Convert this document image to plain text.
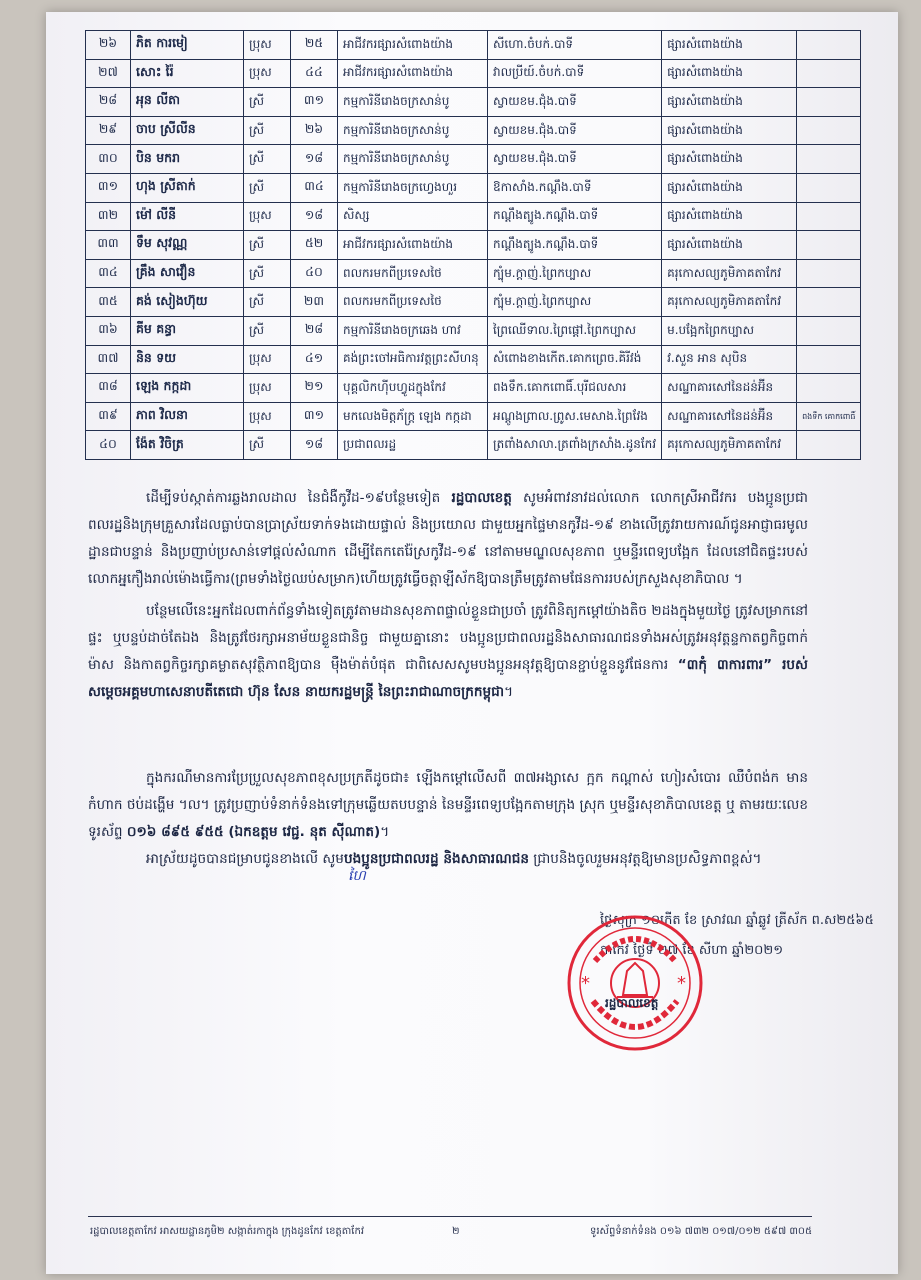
២៦	ភិត ការមៀ	ប្រុស	២៥	អាជីវករផ្សារសំពោងយ៉ាង	សីហោ.ចំបក់.បាទី	ផ្សារសំពោងយ៉ាង	
២៧	សោះ រ៉ៃ	ប្រុស	៤៤	អាជីវករផ្សារសំពោងយ៉ាង	វាលប្រីយ៍.ចំបក់.បាទី	ផ្សារសំពោងយ៉ាង	
២៨	អុន លីតា	ស្រី	៣១	កម្មការិនីរោងចក្រសាន់បូ	ស្វាយខម.ជុំង.បាទី	ផ្សារសំពោងយ៉ាង	
២៩	ចាប ស្រីលីន	ស្រី	២៦	កម្មការិនីរោងចក្រសាន់បូ	ស្វាយខម.ជុំង.បាទី	ផ្សារសំពោងយ៉ាង	
៣០	បិន មករា	ស្រី	១៨	កម្មការិនីរោងចក្រសាន់បូ	ស្វាយខម.ជុំង.បាទី	ផ្សារសំពោងយ៉ាង	
៣១	ហុង ស្រីតាក់	ស្រី	៣៤	កម្មការិនីរោងចក្រហ្វេងហួរ	ឱកាសាំង.កណ្ដឹង.បាទី	ផ្សារសំពោងយ៉ាង	
៣២	ម៉ៅ លីនី	ប្រុស	១៨	សិស្ស	កណ្ដឹងត្បូង.កណ្ដឹង.បាទី	ផ្សារសំពោងយ៉ាង	
៣៣	ទឹម សុវណ្ណ	ស្រី	៥២	អាជីវករផ្សារសំពោងយ៉ាង	កណ្ដឹងត្បូង.កណ្ដឹង.បាទី	ផ្សារសំពោងយ៉ាង	
៣៤	គ្រឹង សាវឿន	ស្រី	៤០	ពលករមកពីប្រទេសថៃ	ក្បុំម.ក្ដាញ់.ព្រៃកប្បាស	គរុកោសល្យភូមិភាគតាកែវ	
៣៥	គង់ សៀងហ៊ុយ	ស្រី	២៣	ពលករមកពីប្រទេសថៃ	ក្បុំម.ក្ដាញ់.ព្រៃកប្បាស	គរុកោសល្យភូមិភាគតាកែវ	
៣៦	គីម គន្ធា	ស្រី	២៨	កម្មការិនីរោងចក្រឆេង ហាវ	ព្រៃឈើទាល.ព្រៃផ្ដៅ.ព្រៃកប្បាស	ម.បង្អែកព្រៃកប្បាស	
៣៧	និន ទយ	ប្រុស	៤១	គង់ព្រះចៅអធិការវត្តព្រះសីហនុ	សំពោងខាងកើត.គោកព្រេច.គិរីវង់	វ.សួន អាន សុបិន	
៣៨	ឡេង កក្កដា	ប្រុស	២១	បុគ្គលិកហ៊ីបហ្វូដក្នុងកែវ	ពងទឹក.គោកពោធិ៍.បុរីជលសារ	សណ្ឋាគារសៅនៃដន់អ៊ីន	
៣៩	ភាព វិលនា	ប្រុស	៣១	មកលេងមិត្តភ័ក្ដ្រ ឡេង កក្កដា	អណ្ដូងព្រាល.ព្រូស.មេសាង.ព្រៃវែង	សណ្ឋាគារសៅនៃដន់អ៊ីន	ពងទឹក គោកពោធិ៍
៤០	ង៉ែត វិចិត្រ	ស្រី	១៨	ប្រជាពលរដ្ឋ	ត្រពាំងសាលា.ត្រពាំងក្រសាំង.ដូនកែវ	គរុកោសល្យភូមិភាគតាកែវ	
ដើម្បីទប់ស្កាត់ការឆ្លងរាលដាល នៃជំងឺកូវីដ-១៩បន្ថែមទៀត រដ្ឋបាលខេត្ត សូមអំពាវនាវដល់លោក លោកស្រីអាជីវករ បងប្អូនប្រជាពលរដ្ឋនិងក្រុមគ្រួសារដែលធ្លាប់បានប្រាស្រ័យទាក់ទងដោយផ្ទាល់ និងប្រយោល ជាមួយអ្នកផ្ទៃមានកូវីដ-១៩ ខាងលើត្រូវរាយការណ៍ជូនអាជ្ញាធរមូលដ្ឋានជាបន្ទាន់ និងប្រញាប់ប្រសាន់ទៅផ្ដល់សំណាក ដើម្បីតែកតេរ៉ែស្រកូវីដ-១៩ នៅតាមមណ្ឌលសុខភាព ឬមន្ទីរពេទ្យបង្អែក ដែលនៅជិតផ្ទះរបស់លោកអ្នកឿងរាល់ម៉ោងធ្វើការ(ព្រមទាំងថ្ងៃឈប់សម្រាក)ហើយត្រូវធ្វើចត្តាឡីស័កឱ្យបានត្រឹមត្រូវតាមផែនការរបស់ក្រសួងសុខាភិបាល ។
បន្ថែមលើនេះអ្នកដែលពាក់ព័ន្ធទាំងទៀតត្រូវតាមដានសុខភាពផ្ទាល់ខ្លួនជាប្រចាំ ត្រូវពិនិត្យកម្ដៅយ៉ាងតិច ២ដងក្នុងមួយថ្ងៃ ត្រូវសម្រាកនៅផ្ទះ ឬបន្ទប់ដាច់តែឯង និងត្រូវថែរក្សាអនាម័យខ្លួនជានិច្ច ជាមួយគ្នានោះ បងប្អូនប្រជាពលរដ្ឋនិងសាធារណជនទាំងអស់ត្រូវអនុវត្តន្ទកាតព្វកិច្ចពាក់ម៉ាស និងកាតព្វកិច្ចរក្សាគម្លាតសុវត្ថិភាពឱ្យបាន ម៉ឺងម៉ាត់បំផុត ជាពិសេសសូមបងប្អូនអនុវត្តឱ្យបានខ្ជាប់ខ្ជួននូវផែនការ “៣កុំ ៣ការពារ” របស់សម្ដេចអគ្គមហាសេនាបតីតេជោ ហ៊ុន សែន នាយករដ្ឋមន្ត្រី នៃព្រះរាជាណាចក្រកម្ពុជា។
ក្នុងករណីមានការប្រែប្រួលសុខភាពខុសប្រក្រតីដូចជា៖ ឡើងកម្ដៅលើសពី ៣៧អង្សាសេ ក្អក កណ្ដាស់ ហៀរសំបោរ ឈឺបំពង់ក មានកំហាក ថប់ដង្ហើម ។ល។ ត្រូវប្រញាប់ទំនាក់ទំនងទៅក្រុមឆ្លើយតបបន្ទាន់ នៃមន្ទីរពេទ្យបង្អែកតាមក្រុង ស្រុក ឬមន្ទីរសុខាភិបាលខេត្ត ឬ តាមរយៈលេខទូរស័ព្ទ ០១៦ ៨៩៥ ៩៥៥ (ឯកឧត្ដម វេជ្ជ. នុត ស៊ីណាត)។
អាស្រ័យដូចបានជម្រាបជូនខាងលើ សូមបងប្អូនប្រជាពលរដ្ឋ និងសាធារណជន ជ្រាបនិងចូលរួមអនុវត្តឱ្យមានប្រសិទ្ធភាពខ្ពស់។
ហៃ
ថ្ងៃសុក្រ ១០កើត ខែ ស្រាវណ ឆ្នាំឆ្លូវ ត្រីស័ក ព.ស២៥៦៥
តាកែវ ថ្ងៃទី ២៧ ខែ សីហា ឆ្នាំ២០២១
*	*
រដ្ឋបាលខេត្ត
រដ្ឋបាលខេត្តតាកែវ អាសយដ្ឋានភូមិ២ សង្កាត់រកាក្នុង ក្រុងដូនកែវ ខេត្តតាកែវ	២	ទូរស័ព្ទទំនាក់ទំនង ០១៦ ៧៣២ ០១៧/០១២ ៥៩៧ ៣០៥
